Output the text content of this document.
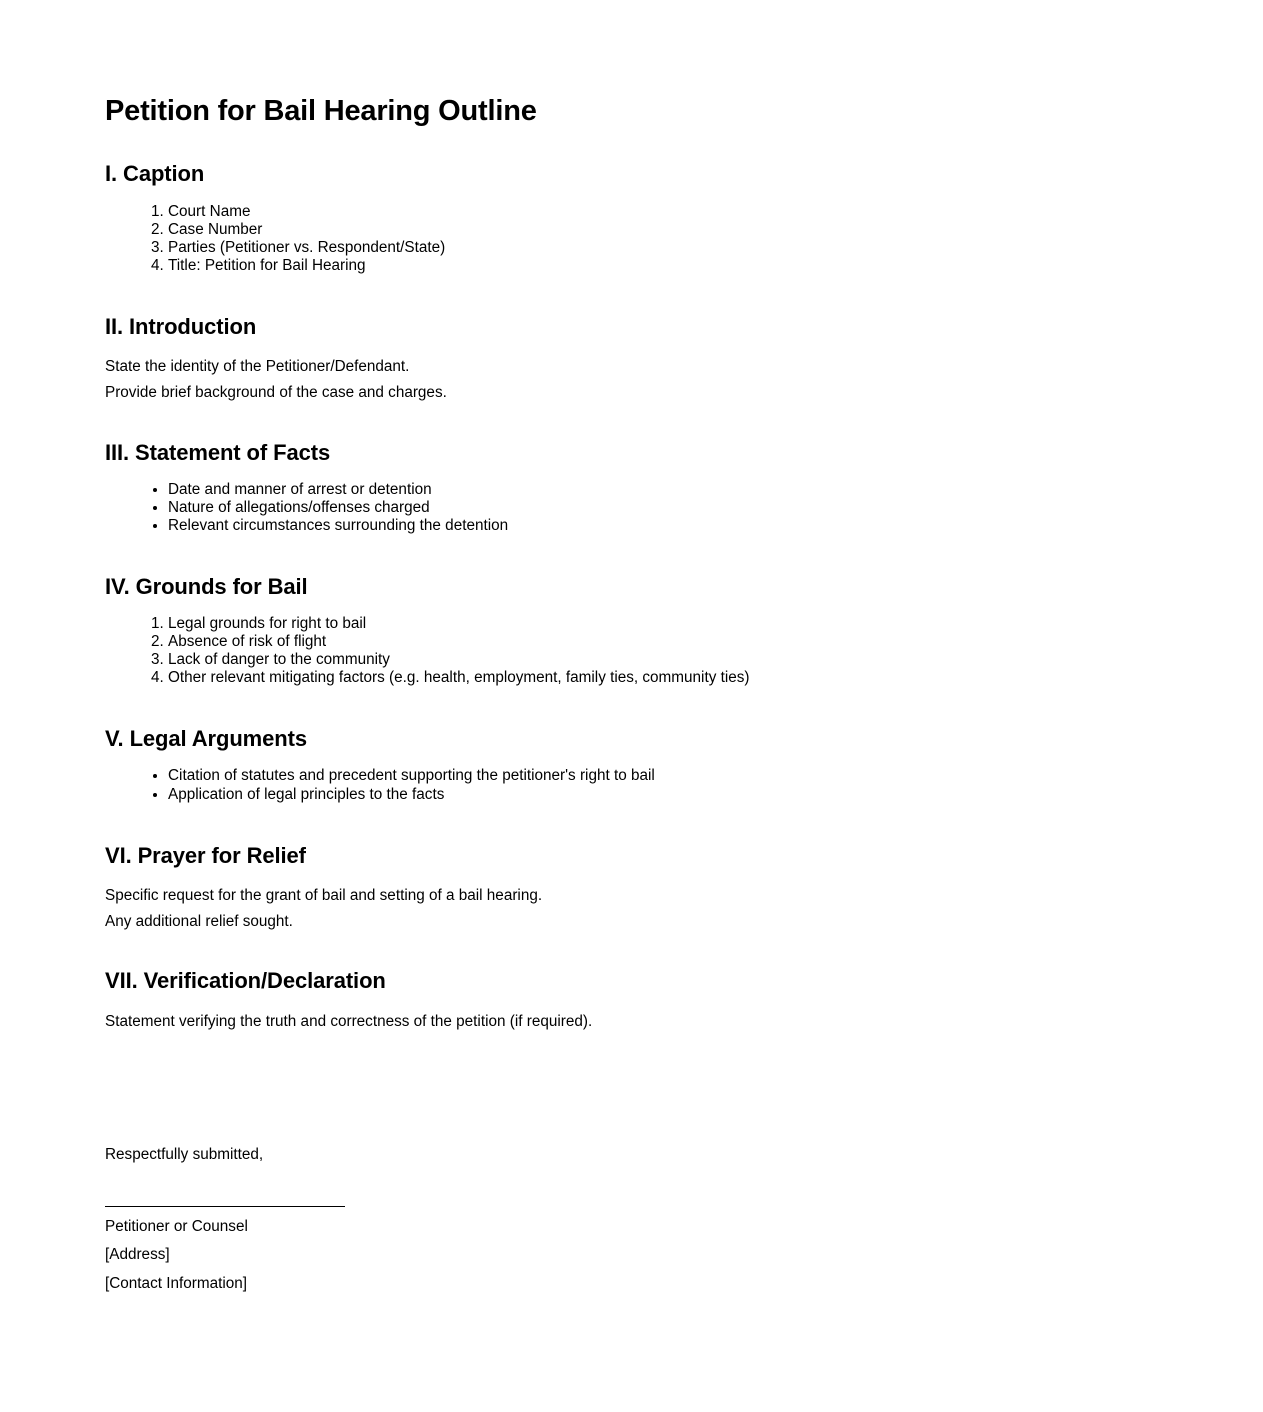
Petition for Bail Hearing Outline
I. Caption
1. Court Name
2. Case Number
3. Parties (Petitioner vs. Respondent/State)
4. Title: Petition for Bail Hearing
II. Introduction

State the identity of the Petitioner/Defendant.

Provide brief background of the case and charges.

III. Statement of Facts
• Date and manner of arrest or detention
• Nature of allegations/offenses charged
• Relevant circumstances surrounding the detention
IV. Grounds for Bail
1. Legal grounds for right to bail
2. Absence of risk of flight
3. Lack of danger to the community
4. Other relevant mitigating factors (e.g. health, employment, family ties, community ties)
V. Legal Arguments
• Citation of statutes and precedent supporting the petitioner's right to bail
• Application of legal principles to the facts
VI. Prayer for Relief

Specific request for the grant of bail and setting of a bail hearing.

Any additional relief sought.

VII. Verification/Declaration

Statement verifying the truth and correctness of the petition (if required).

Respectfully submitted,

Petitioner or Counsel

[Address]

[Contact Information]
